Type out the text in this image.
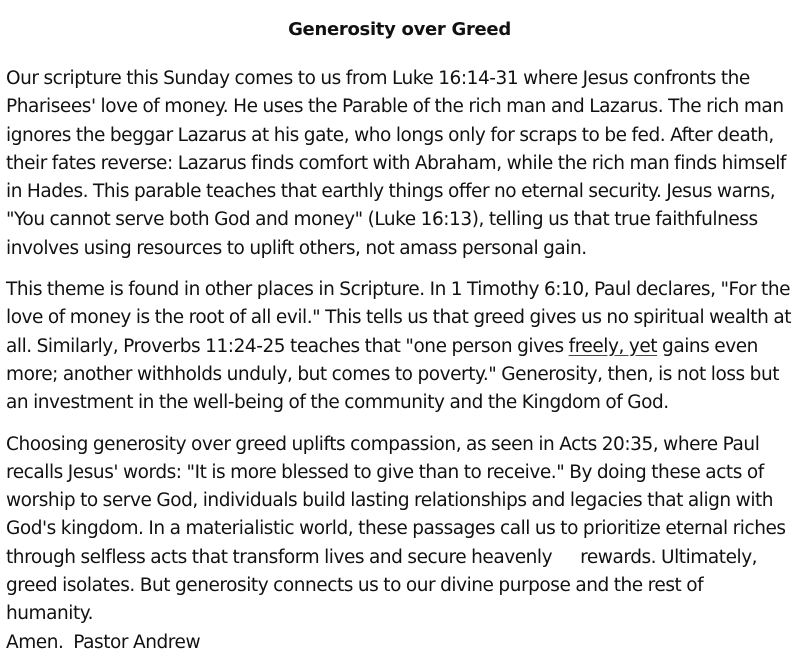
Generosity over Greed

Our scripture this Sunday comes to us from Luke 16:14-31 where Jesus confronts the Pharisees' love of money. He uses the Parable of the rich man and Lazarus. The rich man ignores the beggar Lazarus at his gate, who longs only for scraps to be fed. After death, their fates reverse: Lazarus finds comfort with Abraham, while the rich man finds himself in Hades. This parable teaches that earthly things offer no eternal security. Jesus warns, "You cannot serve both God and money" (Luke 16:13), telling us that true faithfulness involves using resources to uplift others, not amass personal gain.

This theme is found in other places in Scripture. In 1 Timothy 6:10, Paul declares, "For the love of money is the root of all evil." This tells us that greed gives us no spiritual wealth at all. Similarly, Proverbs 11:24-25 teaches that "one person gives freely, yet gains even more; another withholds unduly, but comes to poverty." Generosity, then, is not loss but an investment in the well-being of the community and the Kingdom of God.

Choosing generosity over greed uplifts compassion, as seen in Acts 20:35, where Paul recalls Jesus' words: "It is more blessed to give than to receive." By doing these acts of worship to serve God, individuals build lasting relationships and legacies that align with God's kingdom. In a materialistic world, these passages call us to prioritize eternal riches through selfless acts that transform lives and secure heavenly rewards. Ultimately, greed isolates. But generosity connects us to our divine purpose and the rest of humanity.
Amen. Pastor Andrew
